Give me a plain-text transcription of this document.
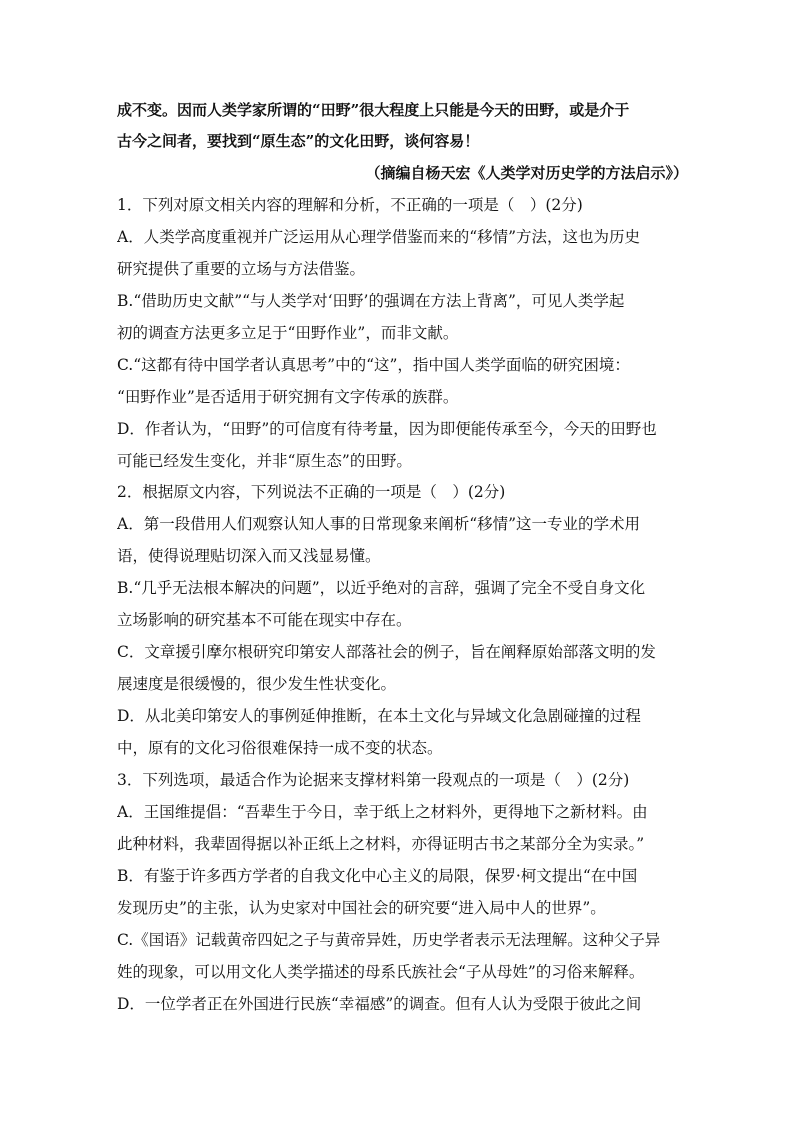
成不变。因而人类学家所谓的“田野”很大程度上只能是今天的田野，或是介于
古今之间者，要找到“原生态”的文化田野，谈何容易！
（摘编自杨天宏《人类学对历史学的方法启示》）
1．下列对原文相关内容的理解和分析，不正确的一项是（　）(2分)
A．人类学高度重视并广泛运用从心理学借鉴而来的“移情”方法，这也为历史
研究提供了重要的立场与方法借鉴。
B.“借助历史文献”“与人类学对‘田野’的强调在方法上背离”，可见人类学起
初的调查方法更多立足于“田野作业”，而非文献。
C.“这都有待中国学者认真思考”中的“这”，指中国人类学面临的研究困境：
“田野作业”是否适用于研究拥有文字传承的族群。
D．作者认为，“田野”的可信度有待考量，因为即便能传承至今，今天的田野也
可能已经发生变化，并非“原生态”的田野。
2．根据原文内容，下列说法不正确的一项是（　）(2分)
A．第一段借用人们观察认知人事的日常现象来阐析“移情”这一专业的学术用
语，使得说理贴切深入而又浅显易懂。
B.“几乎无法根本解决的问题”，以近乎绝对的言辞，强调了完全不受自身文化
立场影响的研究基本不可能在现实中存在。
C．文章援引摩尔根研究印第安人部落社会的例子，旨在阐释原始部落文明的发
展速度是很缓慢的，很少发生性状变化。
D．从北美印第安人的事例延伸推断，在本土文化与异域文化急剧碰撞的过程
中，原有的文化习俗很难保持一成不变的状态。
3．下列选项，最适合作为论据来支撑材料第一段观点的一项是（　）(2分)
A．王国维提倡：“吾辈生于今日，幸于纸上之材料外，更得地下之新材料。由
此种材料，我辈固得据以补正纸上之材料，亦得证明古书之某部分全为实录。”
B．有鉴于许多西方学者的自我文化中心主义的局限，保罗·柯文提出“在中国
发现历史”的主张，认为史家对中国社会的研究要“进入局中人的世界”。
C.《国语》记载黄帝四妃之子与黄帝异姓，历史学者表示无法理解。这种父子异
姓的现象，可以用文化人类学描述的母系氏族社会“子从母姓”的习俗来解释。
D．一位学者正在外国进行民族“幸福感”的调查。但有人认为受限于彼此之间
